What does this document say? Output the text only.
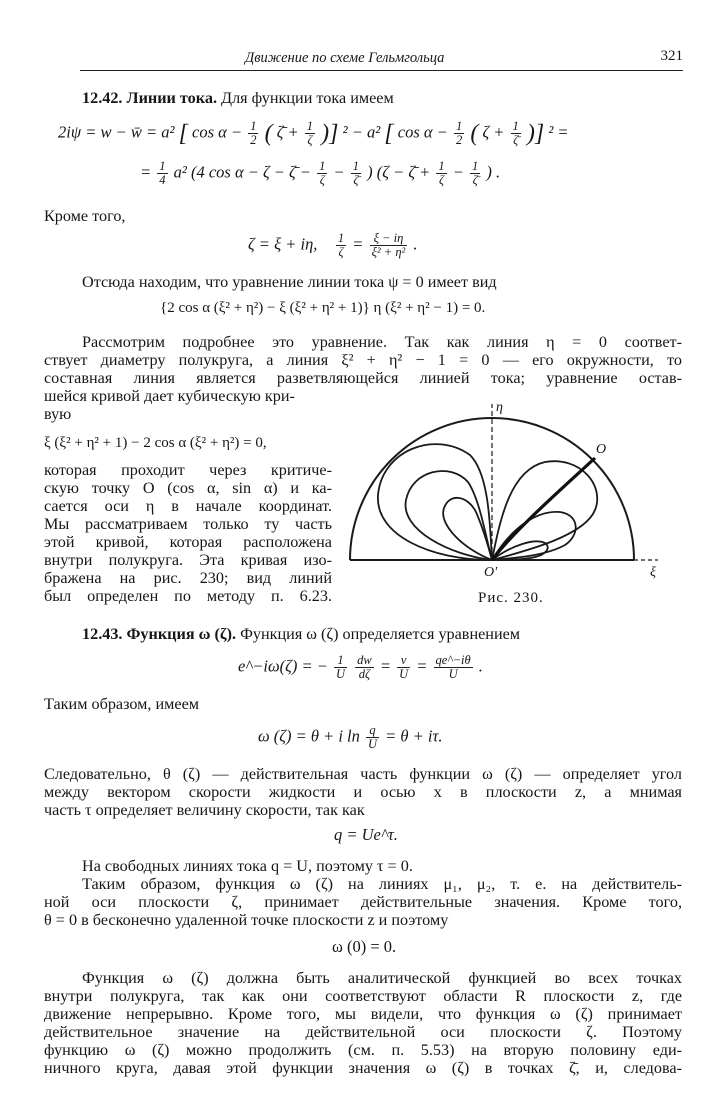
Движение по схеме Гельмгольца	321
12.42. Линии тока. Для функции тока имеем
2iψ = w − w̄ = a² [ $\cos \alpha - \frac{1}{2}$ ( ζ̄ + $\frac{1}{\zeta}$ )] ² − a² [ $\cos \alpha - \frac{1}{2}$ ( $\zeta + \frac{1}{\zetā}$ )] ² =
= $\frac{1}{4} a^2$ (4 cos α − ζ − ζ̄ − $\frac{1}{\zeta} - \frac{1}{\zetā}$ ) (ζ − ζ̄ + $\frac{1}{\zeta} - \frac{1}{\zetā}$ ) .
Кроме того,
ζ = ξ + iη, $\frac{1}{\zeta} = \frac{\xi - i\eta}{\text{ξ² + η²}}$ .
Отсюда находим, что уравнение линии тока ψ = 0 имеет вид
{2 cos α (ξ² + η²) − ξ (ξ² + η² + 1)} η (ξ² + η² − 1) = 0.
Рассмотрим подробнее это уравнение. Так как линия η = 0 соответ-
ствует диаметру полукруга, а линия ξ² + η² − 1 = 0 — его окружности, то
составная линия является разветвляющейся линией тока; уравнение остав-
шейся кривой дает кубическую кри-
вую
ξ (ξ² + η² + 1) − 2 cos α (ξ² + η²) = 0,
которая проходит через критиче-
скую точку O (cos α, sin α) и ка-
сается оси η в начале координат.
Мы рассматриваем только ту часть
этой кривой, которая расположена
внутри полукруга. Эта кривая изо-
бражена на рис. 230; вид линий
был определен по методу п. 6.23.
η
O
O'	ξ
Рис. 230.
12.43. Функция ω (ζ). Функция ω (ζ) определяется уравнением
e^−iω(ζ) = − $\frac{1}{U}$
$\frac{dw}{d\zeta} = \frac{v}{U} = \frac{qe\^{}-i\theta}{U}$ .
Таким образом, имеем
ω (ζ) = θ + i $\ln \frac{q}{U} = \theta + i\tau$.
Следовательно, θ (ζ) — действительная часть функции ω (ζ) — определяет угол
между вектором скорости жидкости и осью x в плоскости z, а мнимая
часть τ определяет величину скорости, так как
q = Ue^τ.
На свободных линиях тока q = U, поэтому τ = 0.
Таким образом, функция ω (ζ) на линиях μ₁, μ₂, т. е. на действитель-
ной оси плоскости ζ, принимает действительные значения. Кроме того,
θ = 0 в бесконечно удаленной точке плоскости z и поэтому
ω (0) = 0.
Функция ω (ζ) должна быть аналитической функцией во всех точках
внутри полукруга, так как они соответствуют области R плоскости z, где
движение непрерывно. Кроме того, мы видели, что функция ω (ζ) принимает
действительное значение на действительной оси плоскости ζ. Поэтому
функцию ω (ζ) можно продолжить (см. п. 5.53) на вторую половину еди-
ничного круга, давая этой функции значения ω (ζ) в точках ζ̄, и, следова-
